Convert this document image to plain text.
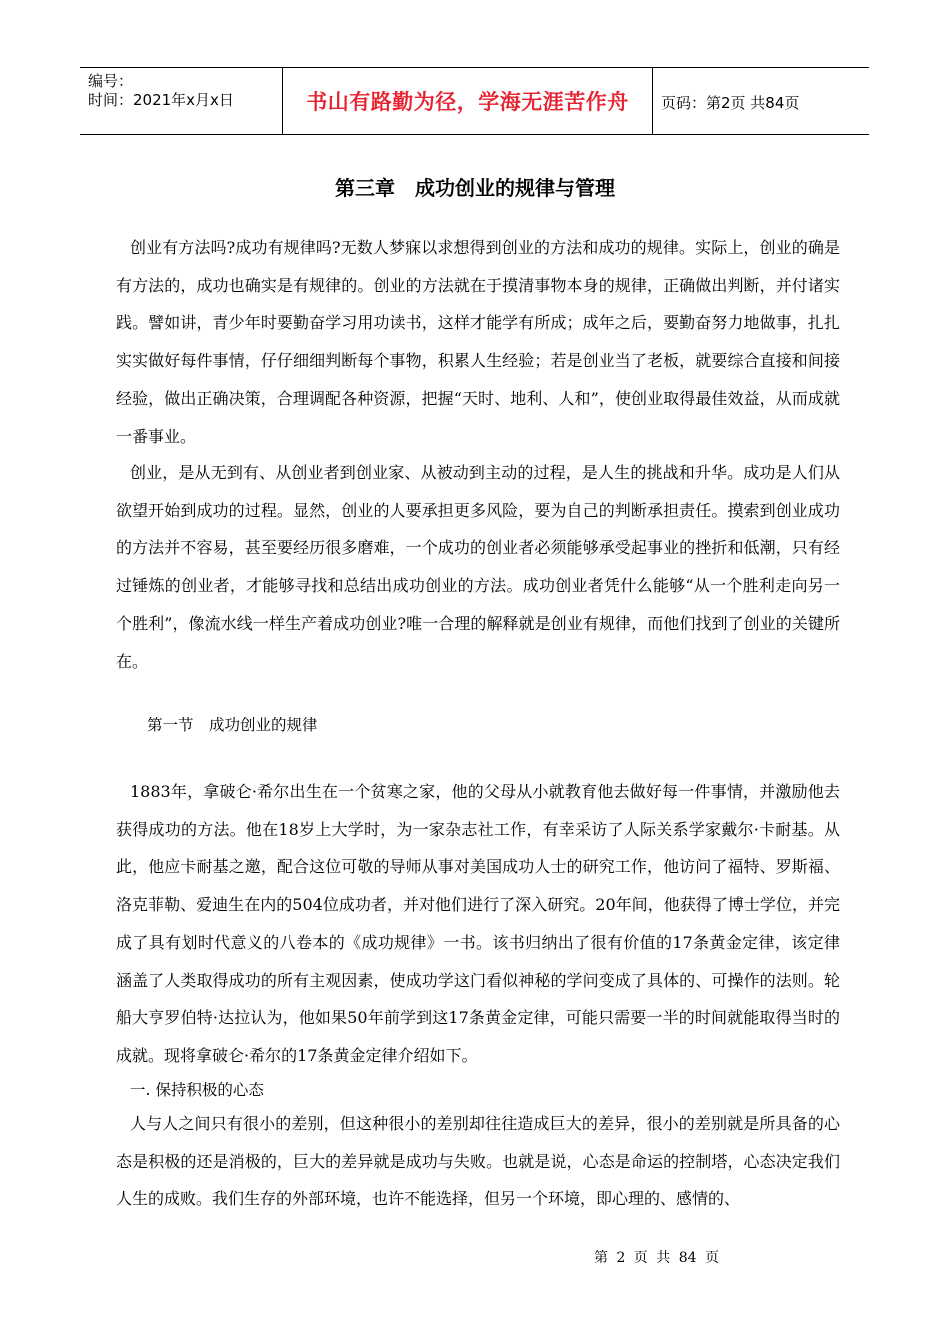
编号：
时间：2021年x月x日	书山有路勤为径，学海无涯苦作舟	页码：第2页 共84页
第三章　成功创业的规律与管理

创业有方法吗?成功有规律吗?无数人梦寐以求想得到创业的方法和成功的规律。实际上，创业的确是有方法的，成功也确实是有规律的。创业的方法就在于摸清事物本身的规律，正确做出判断，并付诸实践。譬如讲，青少年时要勤奋学习用功读书，这样才能学有所成；成年之后，要勤奋努力地做事，扎扎实实做好每件事情，仔仔细细判断每个事物，积累人生经验；若是创业当了老板，就要综合直接和间接经验，做出正确决策，合理调配各种资源，把握“天时、地利、人和”，使创业取得最佳效益，从而成就一番事业。

创业，是从无到有、从创业者到创业家、从被动到主动的过程，是人生的挑战和升华。成功是人们从欲望开始到成功的过程。显然，创业的人要承担更多风险，要为自己的判断承担责任。摸索到创业成功的方法并不容易，甚至要经历很多磨难，一个成功的创业者必须能够承受起事业的挫折和低潮，只有经过锤炼的创业者，才能够寻找和总结出成功创业的方法。成功创业者凭什么能够“从一个胜利走向另一个胜利”，像流水线一样生产着成功创业?唯一合理的解释就是创业有规律，而他们找到了创业的关键所在。

第一节　成功创业的规律

1883年，拿破仑·希尔出生在一个贫寒之家，他的父母从小就教育他去做好每一件事情，并激励他去获得成功的方法。他在18岁上大学时，为一家杂志社工作，有幸采访了人际关系学家戴尔·卡耐基。从此，他应卡耐基之邀，配合这位可敬的导师从事对美国成功人士的研究工作，他访问了福特、罗斯福、洛克菲勒、爱迪生在内的504位成功者，并对他们进行了深入研究。20年间，他获得了博士学位，并完成了具有划时代意义的八卷本的《成功规律》一书。该书归纳出了很有价值的17条黄金定律，该定律涵盖了人类取得成功的所有主观因素，使成功学这门看似神秘的学问变成了具体的、可操作的法则。轮船大亨罗伯特·达拉认为，他如果50年前学到这17条黄金定律，可能只需要一半的时间就能取得当时的成就。现将拿破仑·希尔的17条黄金定律介绍如下。

一. 保持积极的心态

人与人之间只有很小的差别，但这种很小的差别却往往造成巨大的差异，很小的差别就是所具备的心态是积极的还是消极的，巨大的差异就是成功与失败。也就是说，心态是命运的控制塔，心态决定我们人生的成败。我们生存的外部环境，也许不能选择，但另一个环境，即心理的、感情的、

第 2 页 共 84 页
